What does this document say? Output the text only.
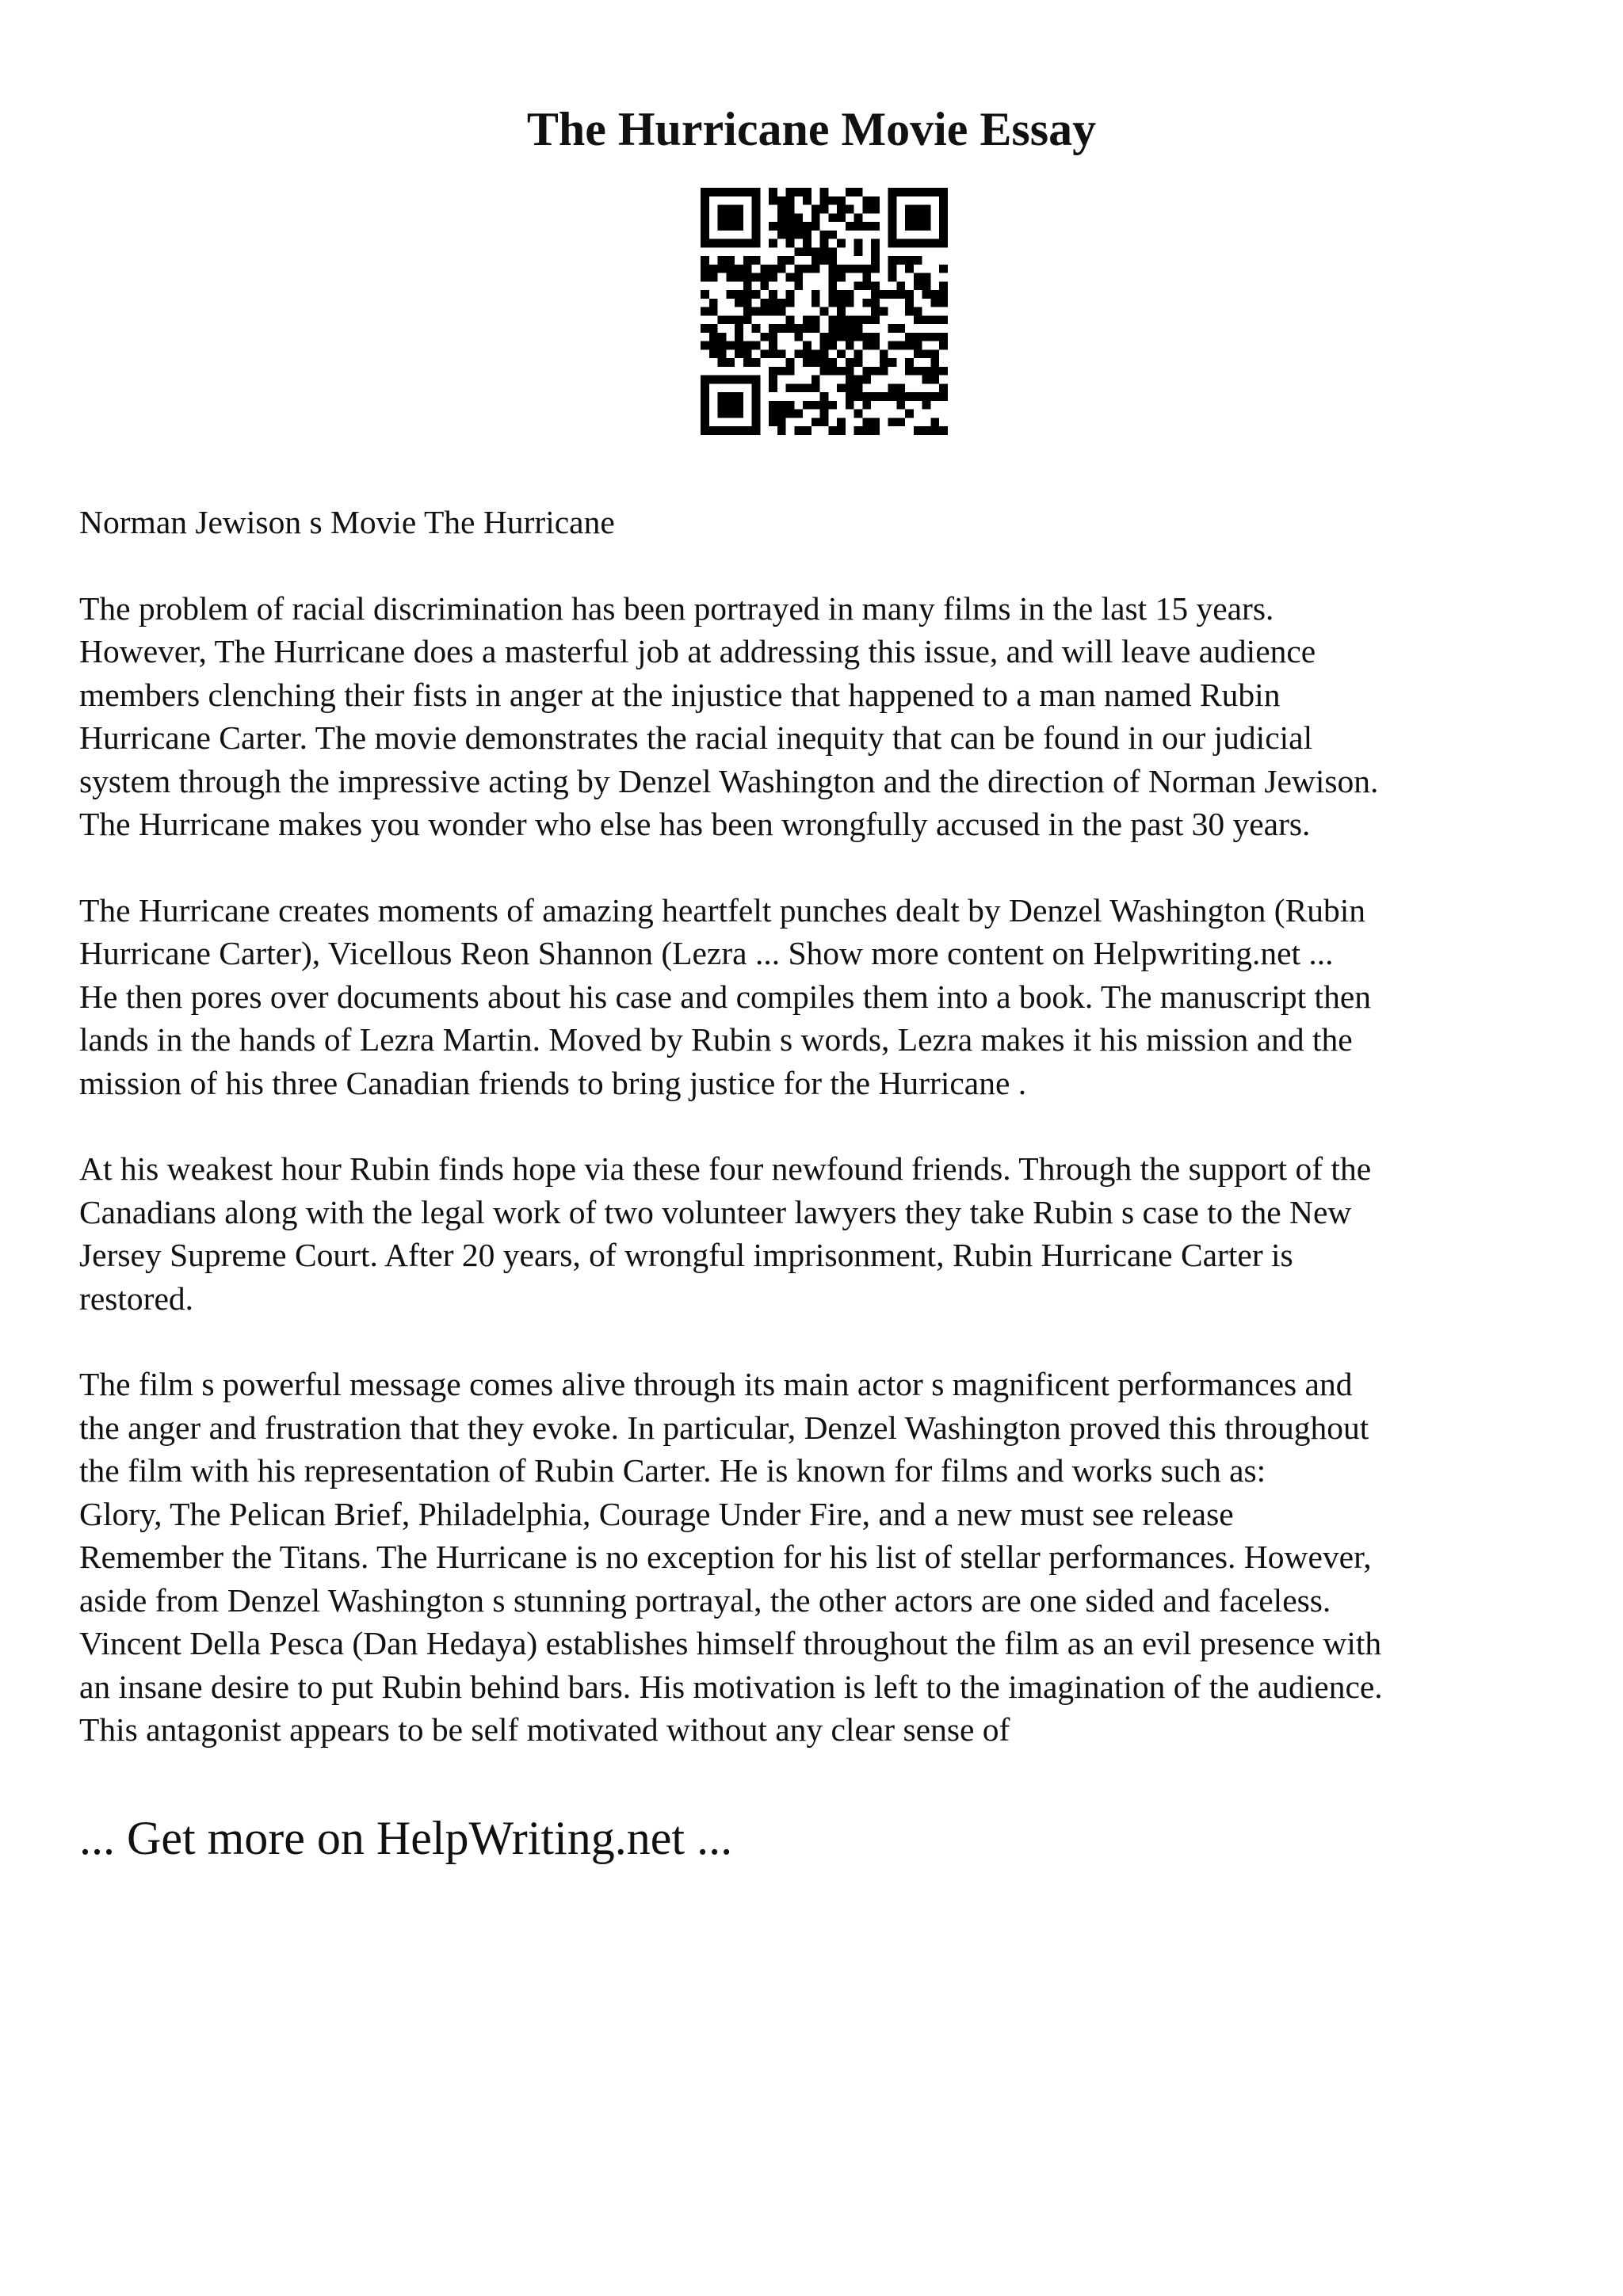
The Hurricane Movie Essay

Norman Jewison s Movie The Hurricane

The problem of racial discrimination has been portrayed in many films in the last 15 years.
However, The Hurricane does a masterful job at addressing this issue, and will leave audience
members clenching their fists in anger at the injustice that happened to a man named Rubin
Hurricane Carter. The movie demonstrates the racial inequity that can be found in our judicial
system through the impressive acting by Denzel Washington and the direction of Norman Jewison.
The Hurricane makes you wonder who else has been wrongfully accused in the past 30 years.

The Hurricane creates moments of amazing heartfelt punches dealt by Denzel Washington (Rubin
Hurricane Carter), Vicellous Reon Shannon (Lezra ... Show more content on Helpwriting.net ...
He then pores over documents about his case and compiles them into a book. The manuscript then
lands in the hands of Lezra Martin. Moved by Rubin s words, Lezra makes it his mission and the
mission of his three Canadian friends to bring justice for the Hurricane .

At his weakest hour Rubin finds hope via these four newfound friends. Through the support of the
Canadians along with the legal work of two volunteer lawyers they take Rubin s case to the New
Jersey Supreme Court. After 20 years, of wrongful imprisonment, Rubin Hurricane Carter is
restored.

The film s powerful message comes alive through its main actor s magnificent performances and
the anger and frustration that they evoke. In particular, Denzel Washington proved this throughout
the film with his representation of Rubin Carter. He is known for films and works such as:
Glory, The Pelican Brief, Philadelphia, Courage Under Fire, and a new must see release
Remember the Titans. The Hurricane is no exception for his list of stellar performances. However,
aside from Denzel Washington s stunning portrayal, the other actors are one sided and faceless.
Vincent Della Pesca (Dan Hedaya) establishes himself throughout the film as an evil presence with
an insane desire to put Rubin behind bars. His motivation is left to the imagination of the audience.
This antagonist appears to be self motivated without any clear sense of

... Get more on HelpWriting.net ...
